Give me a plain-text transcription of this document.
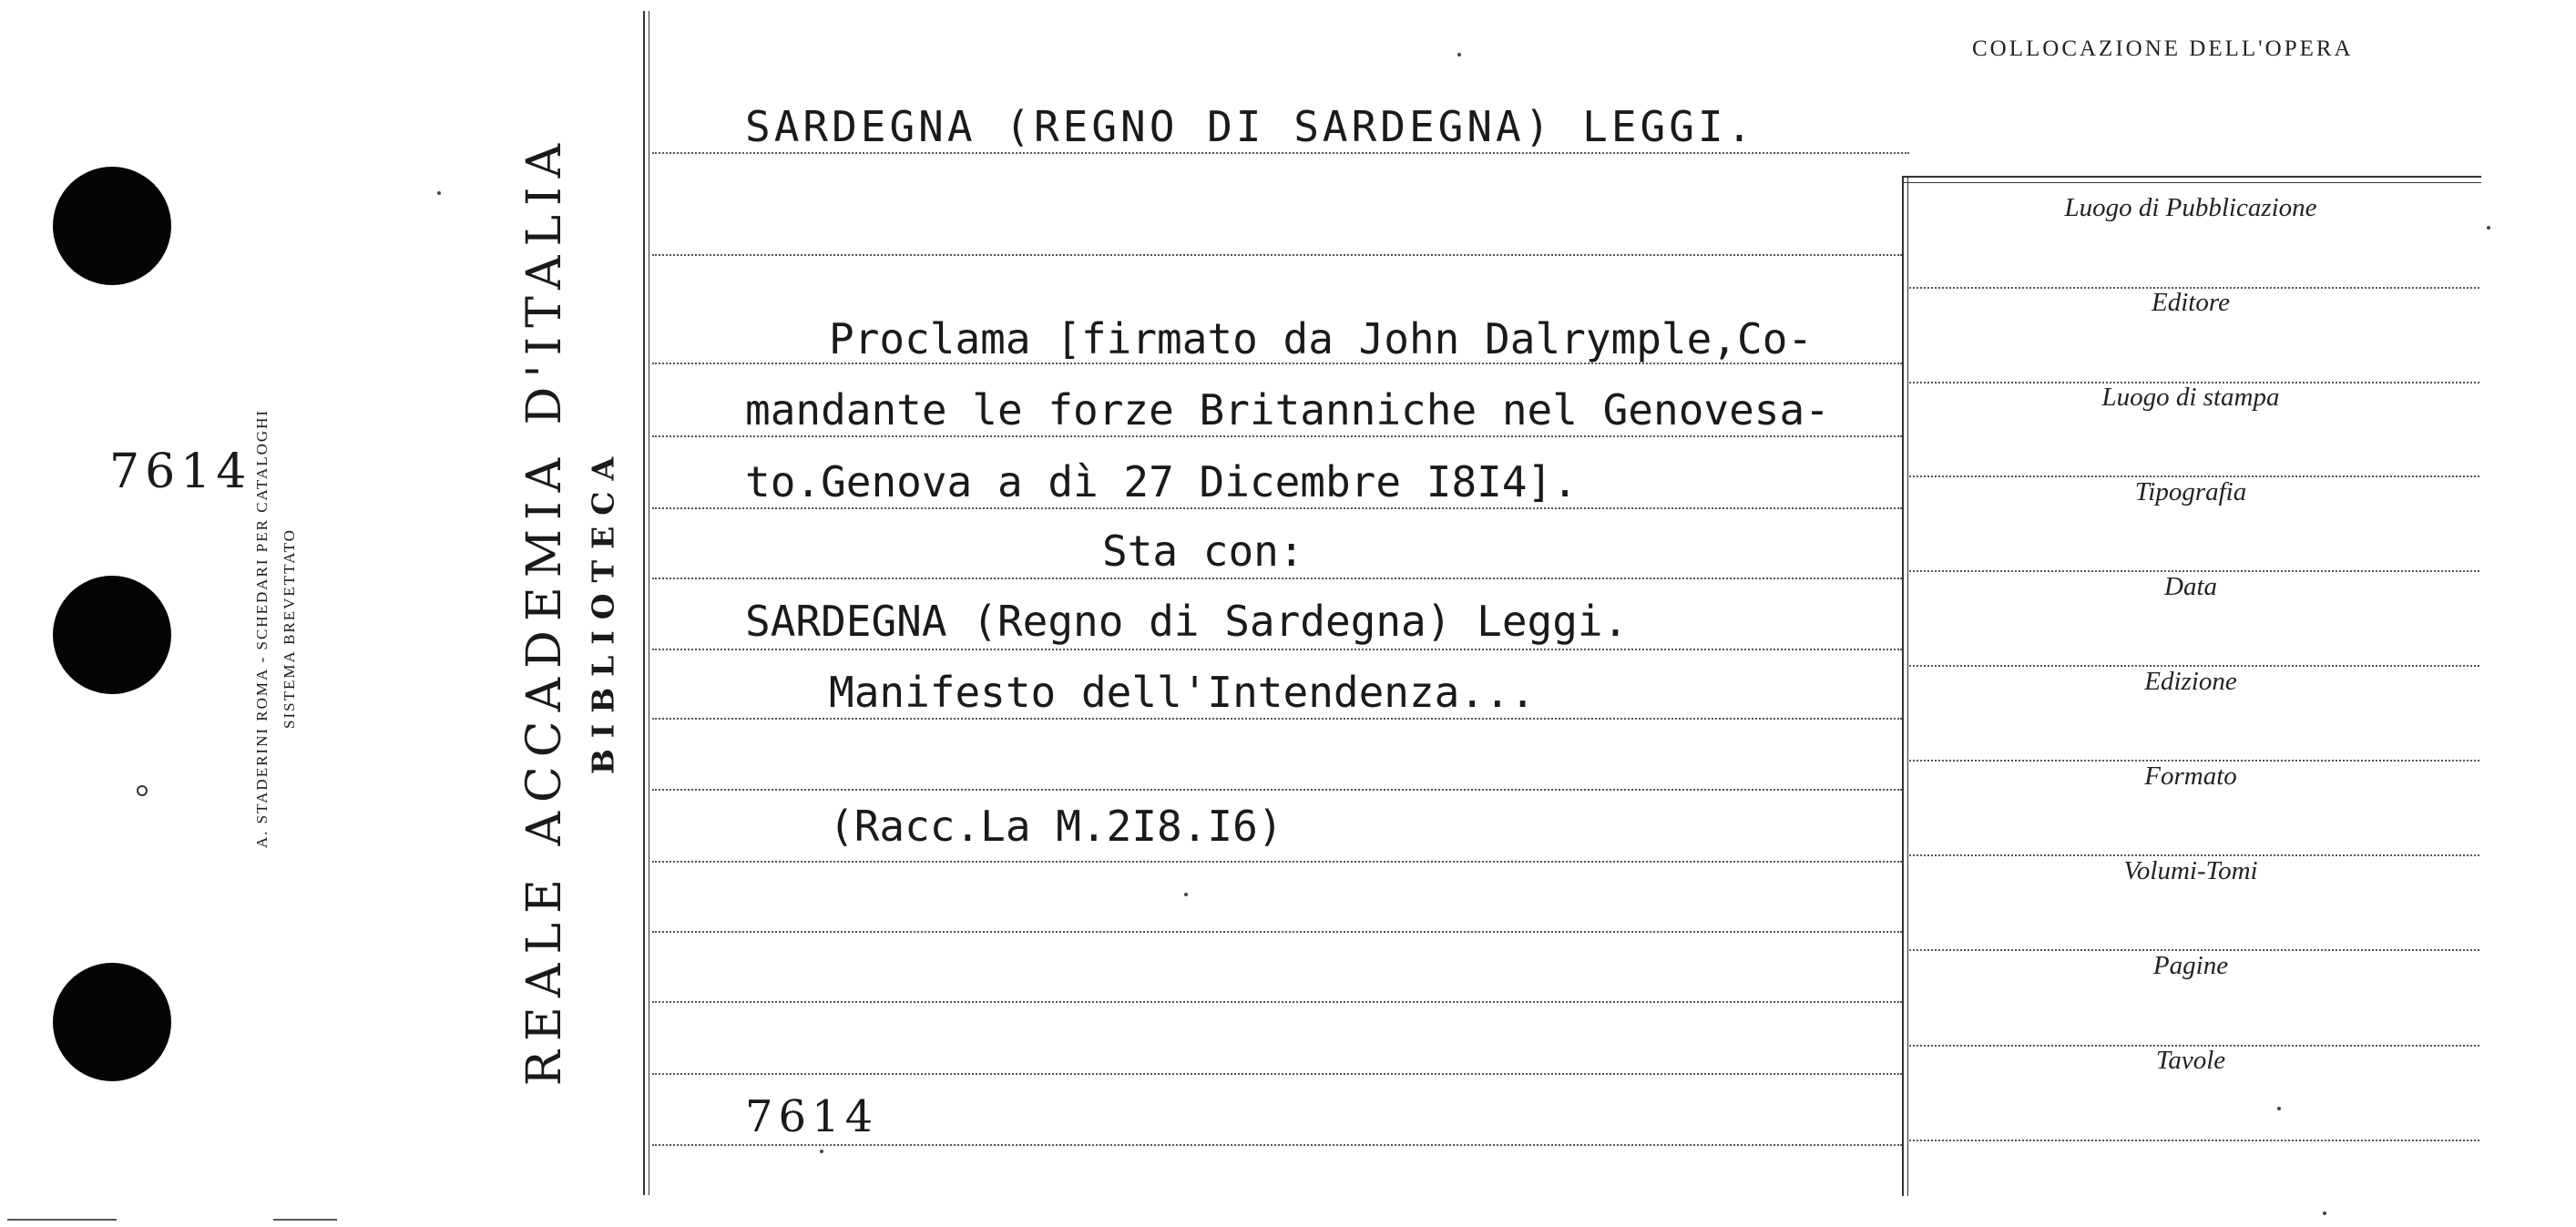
7614 A. STADERINI ROMA - SCHEDARI PER CATALOGHI SISTEMA BREVETTATO	REALE ACCADEMIA D'ITALIA BIBLIOTECA
COLLOCAZIONE DELL'OPERA
SARDEGNA (REGNO DI SARDEGNA) LEGGI.
Proclama [firmato da John Dalrymple,Co-
mandante le forze Britanniche nel Genovesa-
to.Genova a dì 27 Dicembre I8I4].
Sta con:
SARDEGNA (Regno di Sardegna) Leggi.
Manifesto dell'Intendenza...
(Racc.La M.2I8.I6)
7614
Luogo di Pubblicazione
Editore
Luogo di stampa
Tipografia
Data
Edizione
Formato
Volumi-Tomi
Pagine
Tavole
